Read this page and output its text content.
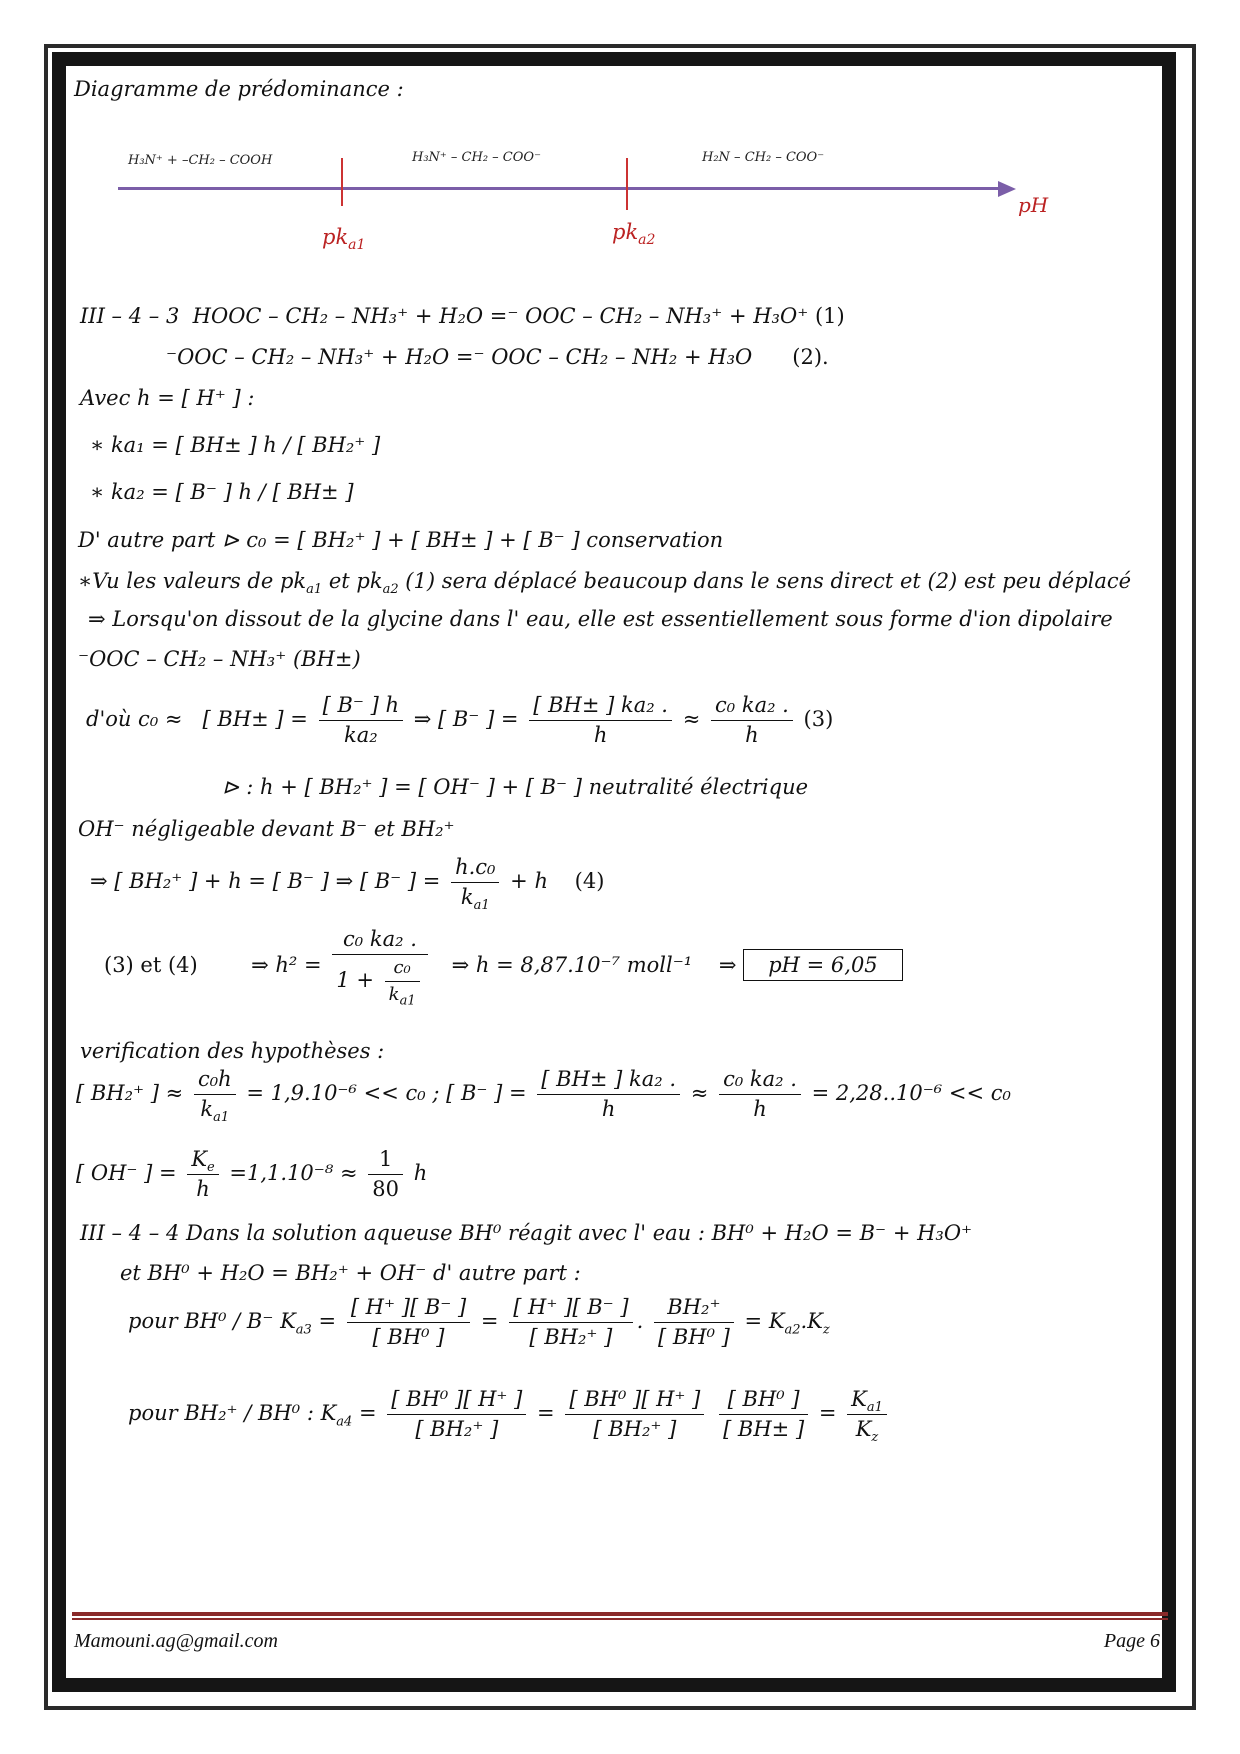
Diagramme de prédominance :
H₃N⁺ + –CH₂ – COOH	H₃N⁺ – CH₂ – COO⁻	H₂N – CH₂ – COO⁻
$pk_{a1}$
$pk_{a2}$
pH
III – 4 – 3 HOOC – CH₂ – NH₃⁺ + H₂O =⁻ OOC – CH₂ – NH₃⁺ + H₃O⁺ (1)
⁻OOC – CH₂ – NH₃⁺ + H₂O =⁻ OOC – CH₂ – NH₂ + H₃O (2).
Avec h = [ H⁺ ] :
∗ ka₁ = [ BH± ] h / [ BH₂⁺ ]
∗ ka₂ = [ B⁻ ] h / [ BH± ]
D' autre part ⊳ c₀ = [ BH₂⁺ ] + [ BH± ] + [ B⁻ ] conservation
∗Vu les valeurs de $pk_{a1}$ et $pk_{a2}$ (1) sera déplacé beaucoup dans le sens direct et (2) est peu déplacé
⇒ Lorsqu'on dissout de la glycine dans l' eau, elle est essentiellement sous forme d'ion dipolaire
⁻OOC – CH₂ – NH₃⁺ (BH±)
d'où c₀ ≈ [ BH± ] = $\frac{[ B^- ] h}{\text{ka₂}}$ ⇒ [ B⁻ ] = $\frac{\text{[ BH± ] ka₂ .}}{h} \approx \frac{\text{c₀ ka₂ .}}{h} (3)$
⊳ : h + [ BH₂⁺ ] = [ OH⁻ ] + [ B⁻ ] neutralité électrique
OH⁻ négligeable devant B⁻ et BH₂⁺
⇒ [ BH₂⁺ ] + h = [ B⁻ ] ⇒ [ B⁻ ] = $\frac{\text{h.c₀}}{k_{a1}} + h$ (4)
(3) et (4)	⇒ $h^2 = \frac{\text{c₀ ka₂ .}}{1 + \frac{\text{c₀}}{k_{a1}}}$ ⇒ h = 8,87.10⁻⁷ moll⁻¹ ⇒ pH = 6,05
verification des hypothèses :
[ BH₂⁺ ] ≈ $\frac{\text{c₀h}}{k_{a1}} = 1,9.10^{-6} << c_0$ ; [ B⁻ ] = $\frac{\text{[ BH± ] ka₂ .}}{h} \approx \frac{\text{c₀ ka₂ .}}{h} = 2,28..10^{-6} << c_0$
[ OH⁻ ] = $\frac{K_e}{h} =1,1.10^{-8} \approx \frac{1}{80}$ h
III – 4 – 4 Dans la solution aqueuse BH⁰ réagit avec l' eau : BH⁰ + H₂O = B⁻ + H₃O⁺
et BH⁰ + H₂O = BH₂⁺ + OH⁻ d' autre part :
pour BH⁰ / B⁻ $K_{a3} = \frac{[ H^+ ][ B^- ]}{\text{[ BH⁰ ]}} = \frac{[ H^+ ][ B^- ]}{\text{[ BH₂⁺ ]}}$ . $\frac{\text{BH₂⁺}}{\text{[ BH⁰ ]}} = K_{a2}.K_z$
pour BH₂⁺ / BH⁰ : $K_{a4} = \frac{\text{[ BH⁰ ][ H⁺ ]}}{\text{[ BH₂⁺ ]}} = \frac{\text{[ BH⁰ ][ H⁺ ]}}{\text{[ BH₂⁺ ]}}$
$\frac{\text{[ BH⁰ ]}}{[ BH\pm ]} = \frac{K_{a1}}{K_z}$
Mamouni.ag@gmail.com	Page 6
